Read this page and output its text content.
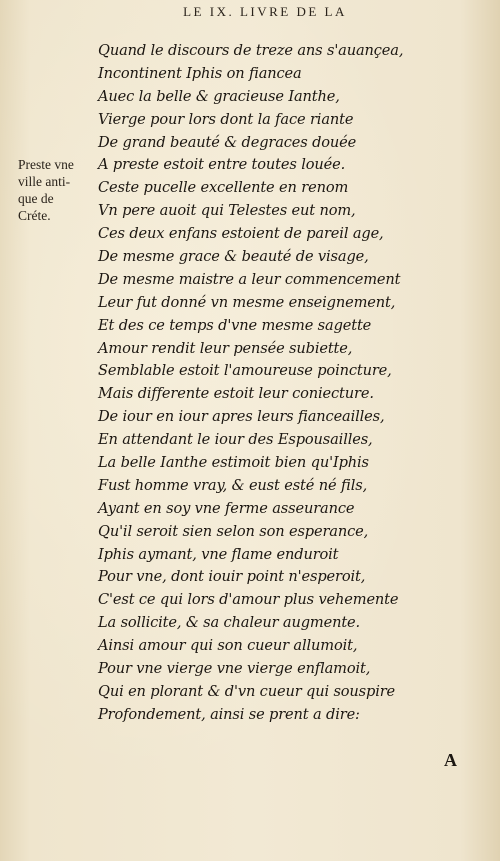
LE IX. LIVRE DE LA
Preste vne
ville anti-
que de
Créte.
Quand le discours de treze ans s'auançea,
Incontinent Iphis on fiancea
Auec la belle & gracieuse Ianthe,
Vierge pour lors dont la face riante
De grand beauté & degraces douée
A preste estoit entre toutes louée.
Ceste pucelle excellente en renom
Vn pere auoit qui Telestes eut nom,
Ces deux enfans estoient de pareil age,
De mesme grace & beauté de visage,
De mesme maistre a leur commencement
Leur fut donné vn mesme enseignement,
Et des ce temps d'vne mesme sagette
Amour rendit leur pensée subiette,
Semblable estoit l'amoureuse poincture,
Mais differente estoit leur coniecture.
De iour en iour apres leurs fianceailles,
En attendant le iour des Espousailles,
La belle Ianthe estimoit bien qu'Iphis
Fust homme vray, & eust esté né fils,
Ayant en soy vne ferme asseurance
Qu'il seroit sien selon son esperance,
Iphis aymant, vne flame enduroit
Pour vne, dont iouir point n'esperoit,
C'est ce qui lors d'amour plus vehemente
La sollicite, & sa chaleur augmente.
Ainsi amour qui son cueur allumoit,
Pour vne vierge vne vierge enflamoit,
Qui en plorant & d'vn cueur qui souspire
Profondement, ainsi se prent a dire:
A
